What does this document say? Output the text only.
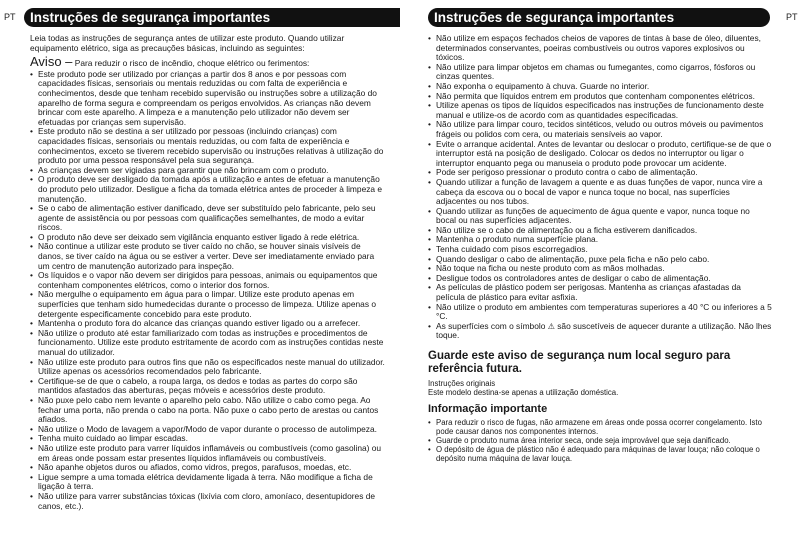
PT	Instruções de segurança importantes

Leia todas as instruções de segurança antes de utilizar este produto. Quando utilizar equipamento elétrico, siga as precauções básicas, incluindo as seguintes:

Aviso – Para reduzir o risco de incêndio, choque elétrico ou ferimentos:

• Este produto pode ser utilizado por crianças a partir dos 8 anos e por pessoas com capacidades físicas, sensoriais ou mentais reduzidas ou com falta de experiência e conhecimentos, desde que tenham recebido supervisão ou instruções sobre a utilização do aparelho de forma segura e compreendam os perigos envolvidos. As crianças não devem brincar com este aparelho. A limpeza e a manutenção pelo utilizador não devem ser efetuadas por crianças sem supervisão.
• Este produto não se destina a ser utilizado por pessoas (incluindo crianças) com capacidades físicas, sensoriais ou mentais reduzidas, ou com falta de experiência e conhecimentos, exceto se tiverem recebido supervisão ou instruções relativas à utilização do produto por uma pessoa responsável pela sua segurança.
• As crianças devem ser vigiadas para garantir que não brincam com o produto.
• O produto deve ser desligado da tomada após a utilização e antes de efetuar a manutenção do produto pelo utilizador. Desligue a ficha da tomada elétrica antes de proceder à limpeza e manutenção.
• Se o cabo de alimentação estiver danificado, deve ser substituído pelo fabricante, pelo seu agente de assistência ou por pessoas com qualificações semelhantes, de modo a evitar riscos.
• O produto não deve ser deixado sem vigilância enquanto estiver ligado à rede elétrica.
• Não continue a utilizar este produto se tiver caído no chão, se houver sinais visíveis de danos, se tiver caído na água ou se estiver a verter. Deve ser imediatamente enviado para um centro de manutenção autorizado para inspeção.
• Os líquidos e o vapor não devem ser dirigidos para pessoas, animais ou equipamentos que contenham componentes elétricos, como o interior dos fornos.
• Não mergulhe o equipamento em água para o limpar. Utilize este produto apenas em superfícies que tenham sido humedecidas durante o processo de limpeza. Utilize apenas o detergente especificamente concebido para este produto.
• Mantenha o produto fora do alcance das crianças quando estiver ligado ou a arrefecer.
• Não utilize o produto até estar familiarizado com todas as instruções e procedimentos de funcionamento. Utilize este produto estritamente de acordo com as instruções contidas neste manual do utilizador.
• Não utilize este produto para outros fins que não os especificados neste manual do utilizador. Utilize apenas os acessórios recomendados pelo fabricante.
• Certifique-se de que o cabelo, a roupa larga, os dedos e todas as partes do corpo são mantidos afastados das aberturas, peças móveis e acessórios deste produto.
• Não puxe pelo cabo nem levante o aparelho pelo cabo. Não utilize o cabo como pega. Ao fechar uma porta, não prenda o cabo na porta. Não puxe o cabo perto de arestas ou cantos afiados.
• Não utilize o Modo de lavagem a vapor/Modo de vapor durante o processo de autolimpeza.
• Tenha muito cuidado ao limpar escadas.
• Não utilize este produto para varrer líquidos inflamáveis ou combustíveis (como gasolina) ou em áreas onde possam estar presentes líquidos inflamáveis ou combustíveis.
• Não apanhe objetos duros ou afiados, como vidros, pregos, parafusos, moedas, etc.
• Ligue sempre a uma tomada elétrica devidamente ligada à terra. Não modifique a ficha de ligação à terra.
• Não utilize para varrer substâncias tóxicas (lixívia com cloro, amoníaco, desentupidores de canos, etc.).
PT
Instruções de segurança importantes
• Não utilize em espaços fechados cheios de vapores de tintas à base de óleo, diluentes, determinados conservantes, poeiras combustíveis ou outros vapores explosivos ou tóxicos.
• Não utilize para limpar objetos em chamas ou fumegantes, como cigarros, fósforos ou cinzas quentes.
• Não exponha o equipamento à chuva. Guarde no interior.
• Não permita que líquidos entrem em produtos que contenham componentes elétricos.
• Utilize apenas os tipos de líquidos especificados nas instruções de funcionamento deste manual e utilize-os de acordo com as quantidades especificadas.
• Não utilize para limpar couro, tecidos sintéticos, veludo ou outros móveis ou pavimentos frágeis ou polidos com cera, ou materiais sensíveis ao vapor.
• Evite o arranque acidental. Antes de levantar ou deslocar o produto, certifique-se de que o interruptor está na posição de desligado. Colocar os dedos no interruptor ou ligar o interruptor enquanto pega ou manuseia o produto pode provocar um acidente.
• Pode ser perigoso pressionar o produto contra o cabo de alimentação.
• Quando utilizar a função de lavagem a quente e as duas funções de vapor, nunca vire a cabeça da escova ou o bocal de vapor e nunca toque no bocal, nas superfícies adjacentes ou nos tubos.
• Quando utilizar as funções de aquecimento de água quente e vapor, nunca toque no bocal ou nas superfícies adjacentes.
• Não utilize se o cabo de alimentação ou a ficha estiverem danificados.
• Mantenha o produto numa superfície plana.
• Tenha cuidado com pisos escorregadios.
• Quando desligar o cabo de alimentação, puxe pela ficha e não pelo cabo.
• Não toque na ficha ou neste produto com as mãos molhadas.
• Desligue todos os controladores antes de desligar o cabo de alimentação.
• As películas de plástico podem ser perigosas. Mantenha as crianças afastadas da película de plástico para evitar asfixia.
• Não utilize o produto em ambientes com temperaturas superiores a 40 °C ou inferiores a 5 °C.
• As superfícies com o símbolo ⚠ são suscetíveis de aquecer durante a utilização. Não lhes toque.
Guarde este aviso de segurança num local seguro para referência futura.

Instruções originais

Este modelo destina-se apenas a utilização doméstica.

Informação importante
• Para reduzir o risco de fugas, não armazene em áreas onde possa ocorrer congelamento. Isto pode causar danos nos componentes internos.
• Guarde o produto numa área interior seca, onde seja improvável que seja danificado.
• O depósito de água de plástico não é adequado para máquinas de lavar louça; não coloque o depósito numa máquina de lavar louça.
